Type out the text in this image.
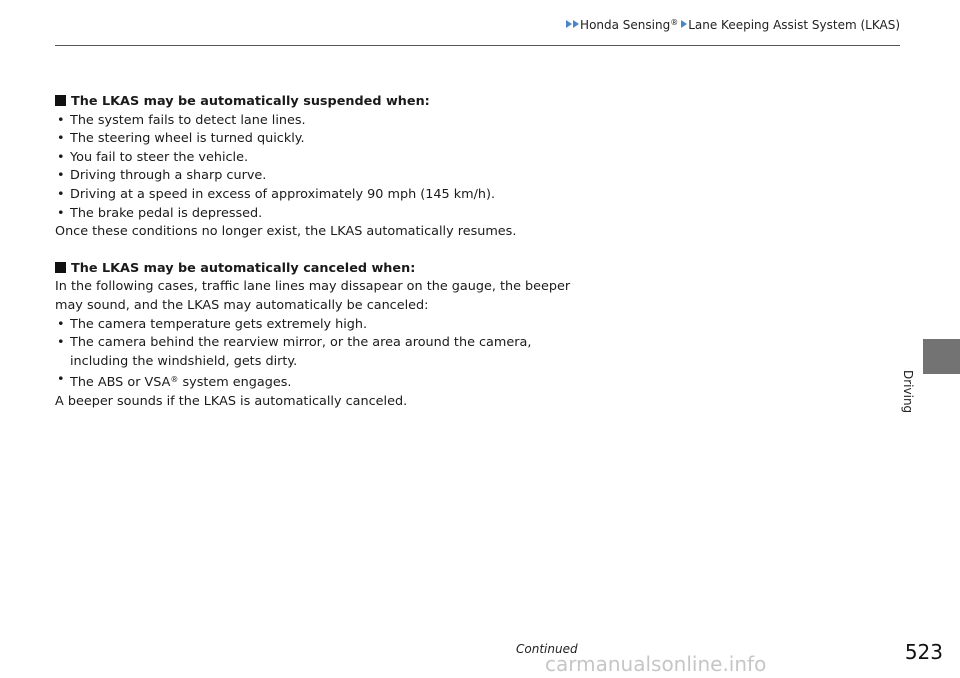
Honda Sensing® Lane Keeping Assist System (LKAS)

The LKAS may be automatically suspended when:

• The system fails to detect lane lines.
• The steering wheel is turned quickly.
• You fail to steer the vehicle.
• Driving through a sharp curve.
• Driving at a speed in excess of approximately 90 mph (145 km/h).
• The brake pedal is depressed.

Once these conditions no longer exist, the LKAS automatically resumes.

The LKAS may be automatically canceled when:

In the following cases, traffic lane lines may dissapear on the gauge, the beeper may sound, and the LKAS may automatically be canceled:

• The camera temperature gets extremely high.
• The camera behind the rearview mirror, or the area around the camera, including the windshield, gets dirty.
• The ABS or VSA® system engages.

A beeper sounds if the LKAS is automatically canceled.	Driving
Continued	523
carmanualsonline.info
